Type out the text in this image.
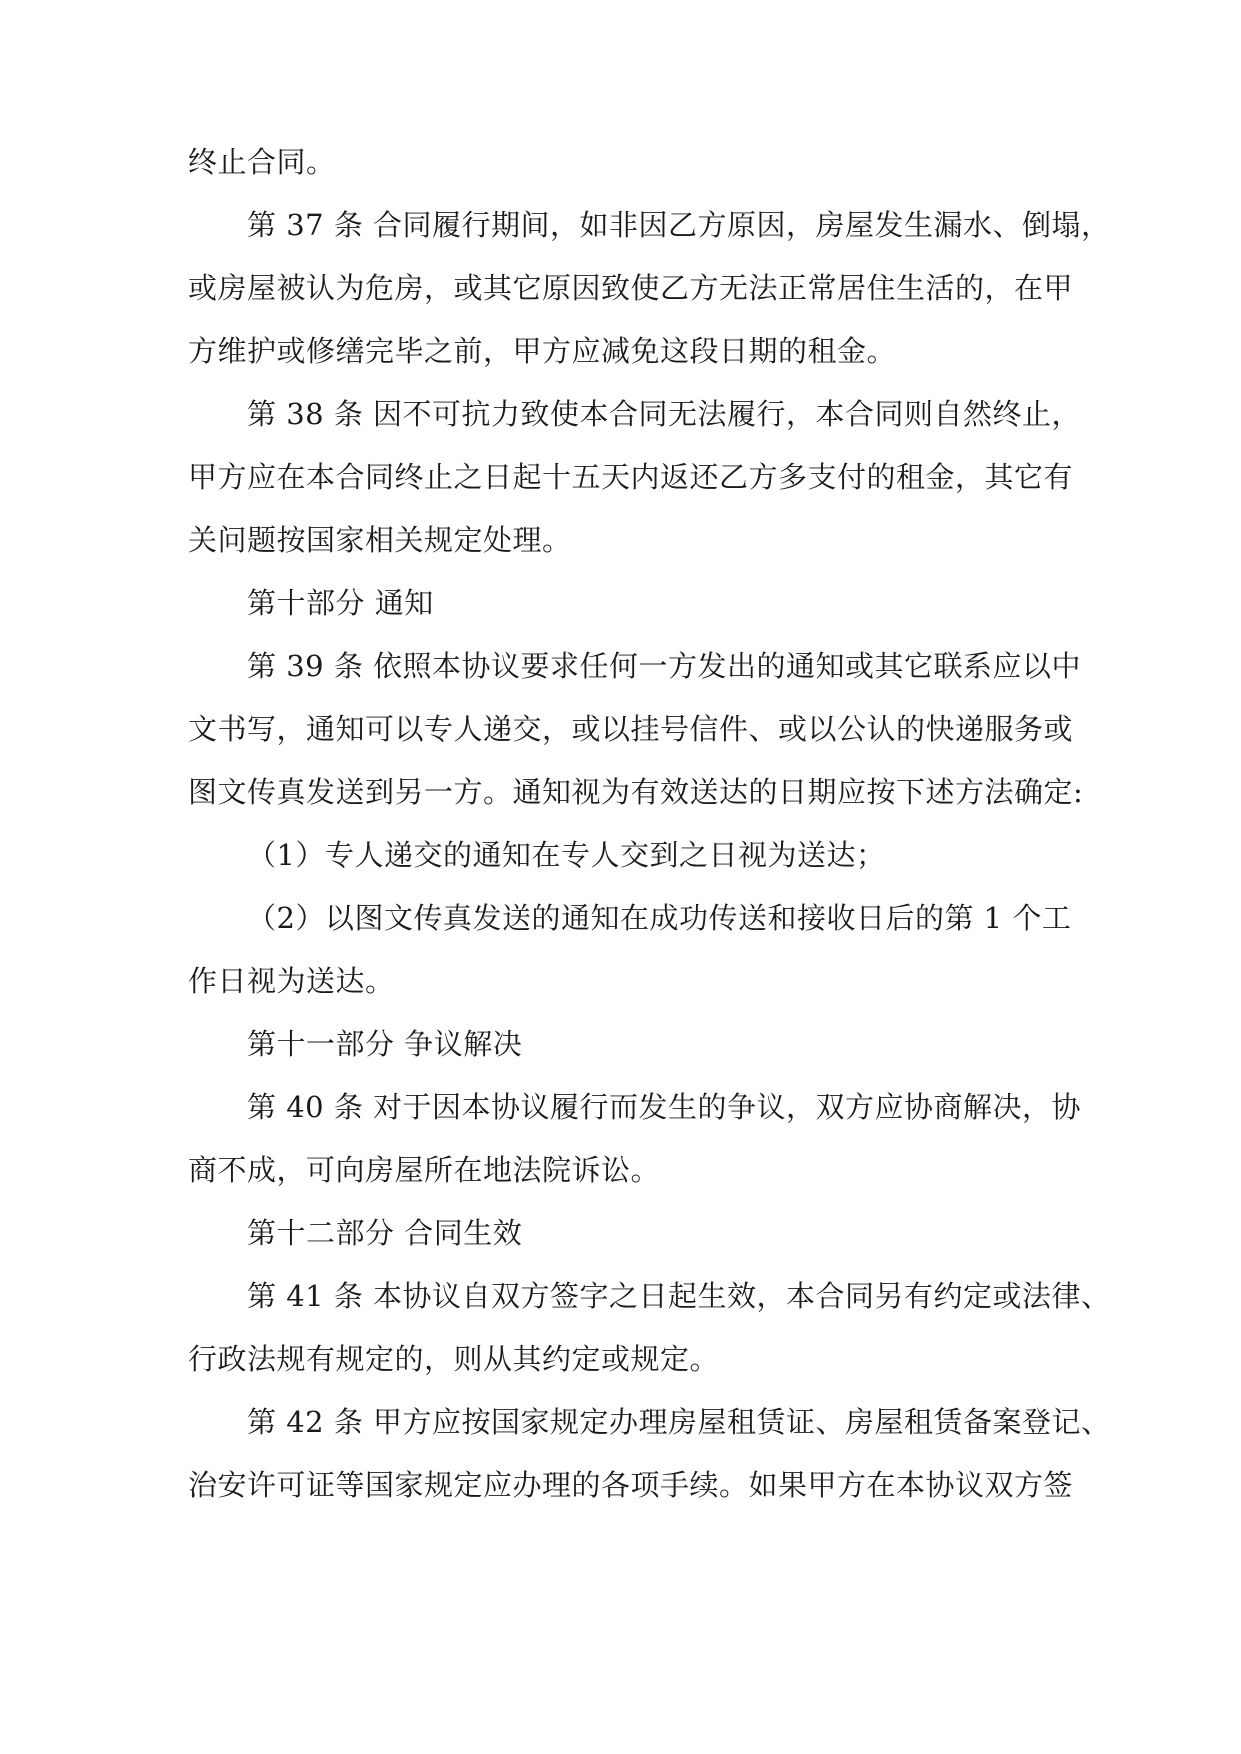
终止合同。
第 37 条 合同履行期间，如非因乙方原因，房屋发生漏水、倒塌，
或房屋被认为危房，或其它原因致使乙方无法正常居住生活的，在甲
方维护或修缮完毕之前，甲方应减免这段日期的租金。
第 38 条 因不可抗力致使本合同无法履行，本合同则自然终止，
甲方应在本合同终止之日起十五天内返还乙方多支付的租金，其它有
关问题按国家相关规定处理。
第十部分 通知
第 39 条 依照本协议要求任何一方发出的通知或其它联系应以中
文书写，通知可以专人递交，或以挂号信件、或以公认的快递服务或
图文传真发送到另一方。通知视为有效送达的日期应按下述方法确定:
（1）专人递交的通知在专人交到之日视为送达；
（2）以图文传真发送的通知在成功传送和接收日后的第 1 个工
作日视为送达。
第十一部分 争议解决
第 40 条 对于因本协议履行而发生的争议，双方应协商解决，协
商不成，可向房屋所在地法院诉讼。
第十二部分 合同生效
第 41 条 本协议自双方签字之日起生效，本合同另有约定或法律、
行政法规有规定的，则从其约定或规定。
第 42 条 甲方应按国家规定办理房屋租赁证、房屋租赁备案登记、
治安许可证等国家规定应办理的各项手续。如果甲方在本协议双方签
